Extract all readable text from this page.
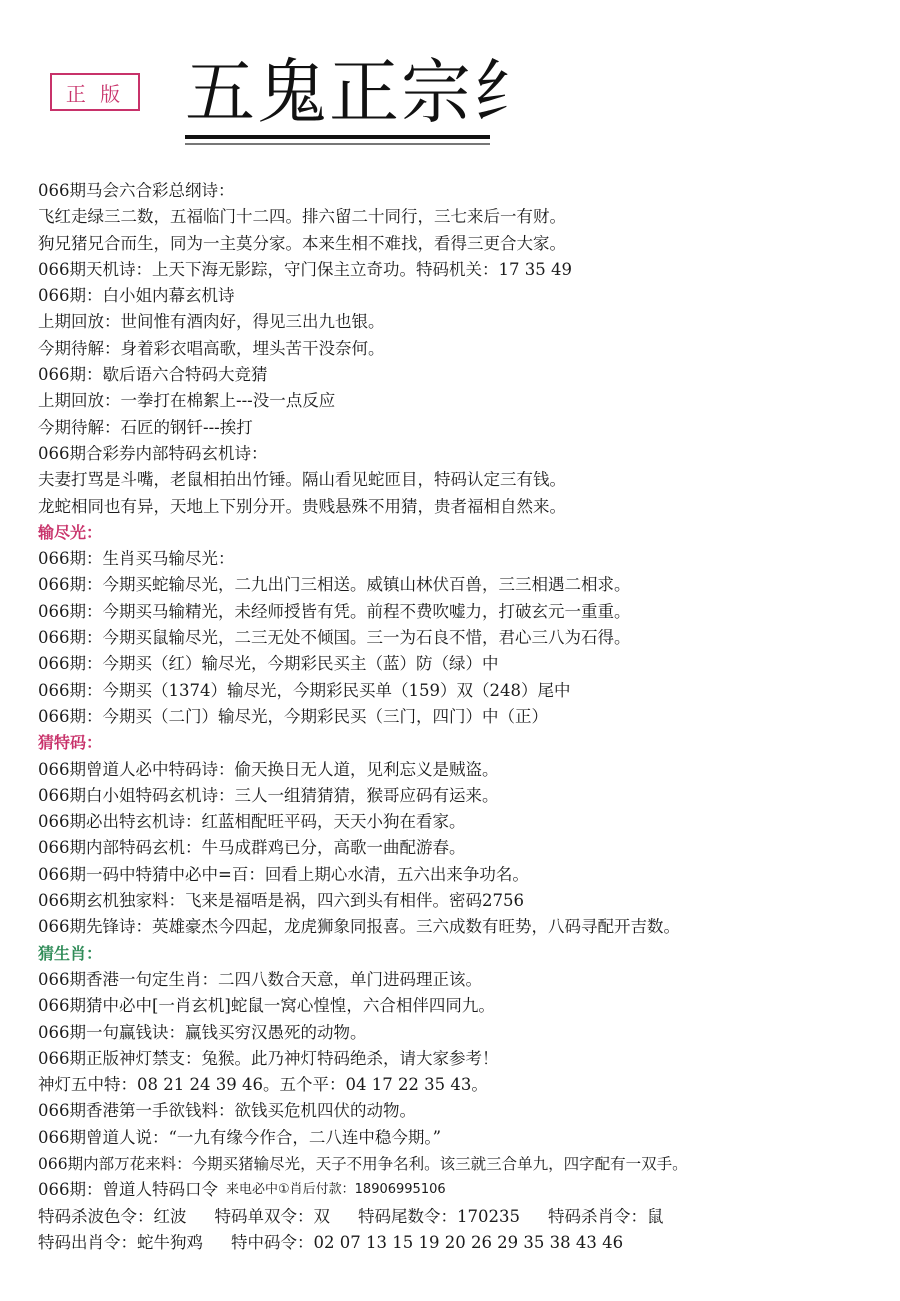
正 版 五鬼正宗纟
066期马会六合彩总纲诗：
飞红走绿三二数，五福临门十二四。排六留二十同行，三七来后一有财。
狗兄猪兄合而生，同为一主莫分家。本来生相不难找，看得三更合大家。
066期天机诗：上天下海无影踪，守门保主立奇功。特码机关：17 35 49
066期：白小姐内幕玄机诗
上期回放：世间惟有酒肉好，得见三出九也银。
今期待解：身着彩衣唱高歌，埋头苦干没奈何。
066期：歇后语六合特码大竞猜
上期回放：一拳打在棉絮上---没一点反应
今期待解：石匠的钢钎---挨打
066期合彩券内部特码玄机诗：
夫妻打骂是斗嘴，老鼠相拍出竹锤。隔山看见蛇匝目，特码认定三有钱。
龙蛇相同也有异，天地上下别分开。贵贱悬殊不用猜，贵者福相自然来。
输尽光：
066期：生肖买马输尽光：
066期：今期买蛇输尽光，二九出门三相送。威镇山林伏百兽，三三相遇二相求。
066期：今期买马输精光，未经师授皆有凭。前程不费吹嘘力，打破玄元一重重。
066期：今期买鼠输尽光，二三无处不倾国。三一为石良不惜，君心三八为石得。
066期：今期买（红）输尽光，今期彩民买主（蓝）防（绿）中
066期：今期买（1374）输尽光，今期彩民买单（159）双（248）尾中
066期：今期买（二门）输尽光，今期彩民买（三门，四门）中（正）
猜特码：
066期曾道人必中特码诗：偷天换日无人道，见利忘义是贼盗。
066期白小姐特码玄机诗：三人一组猜猜猜，猴哥应码有运来。
066期必出特玄机诗：红蓝相配旺平码，天天小狗在看家。
066期内部特码玄机：牛马成群鸡已分，高歌一曲配游春。
066期一码中特猜中必中=百：回看上期心水清，五六出来争功名。
066期玄机独家料：飞来是福唔是祸，四六到头有相伴。密码2756
066期先锋诗：英雄豪杰今四起，龙虎狮象同报喜。三六成数有旺势，八码寻配开吉数。
猜生肖：
066期香港一句定生肖：二四八数合天意，单门进码理正该。
066期猜中必中[一肖玄机]蛇鼠一窝心惶惶，六合相伴四同九。
066期一句赢钱诀：赢钱买穷汉愚死的动物。
066期正版神灯禁支：兔猴。此乃神灯特码绝杀，请大家参考！
神灯五中特：08 21 24 39 46。五个平：04 17 22 35 43。
066期香港第一手欲钱料：欲钱买危机四伏的动物。
066期曾道人说：“一九有缘今作合，二八连中稳今期。”
066期内部万花来料：今期买猪输尽光，天子不用争名利。该三就三合单九，四字配有一双手。
066期：曾道人特码口令 来电必中①肖后付款：18906995106
特码杀波色令：红波 特码单双令：双 特码尾数令：170235 特码杀肖令：鼠
特码出肖令：蛇牛狗鸡 特中码令：02 07 13 15 19 20 26 29 35 38 43 46
